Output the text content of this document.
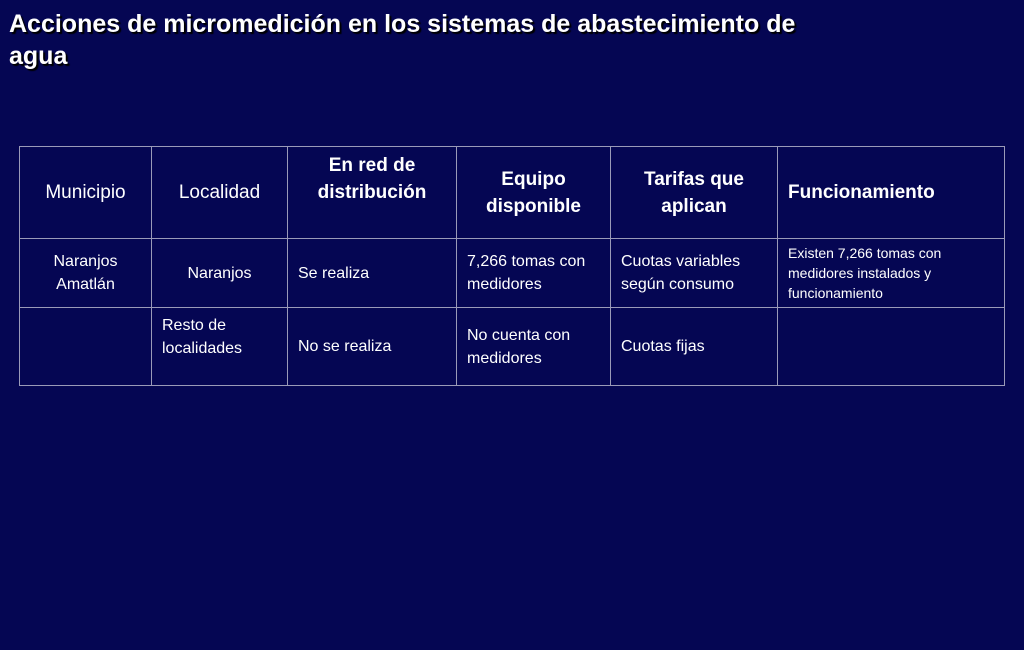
Acciones de micromedición en los sistemas de abastecimiento de agua
Municipio	Localidad	En red de distribución	Equipo disponible	Tarifas que aplican	Funcionamiento
Naranjos Amatlán	Naranjos	Se realiza	7,266 tomas con medidores	Cuotas variables según consumo	Existen 7,266 tomas con medidores instalados y funcionamiento
	Resto de localidades	No se realiza	No cuenta con medidores	Cuotas fijas	
